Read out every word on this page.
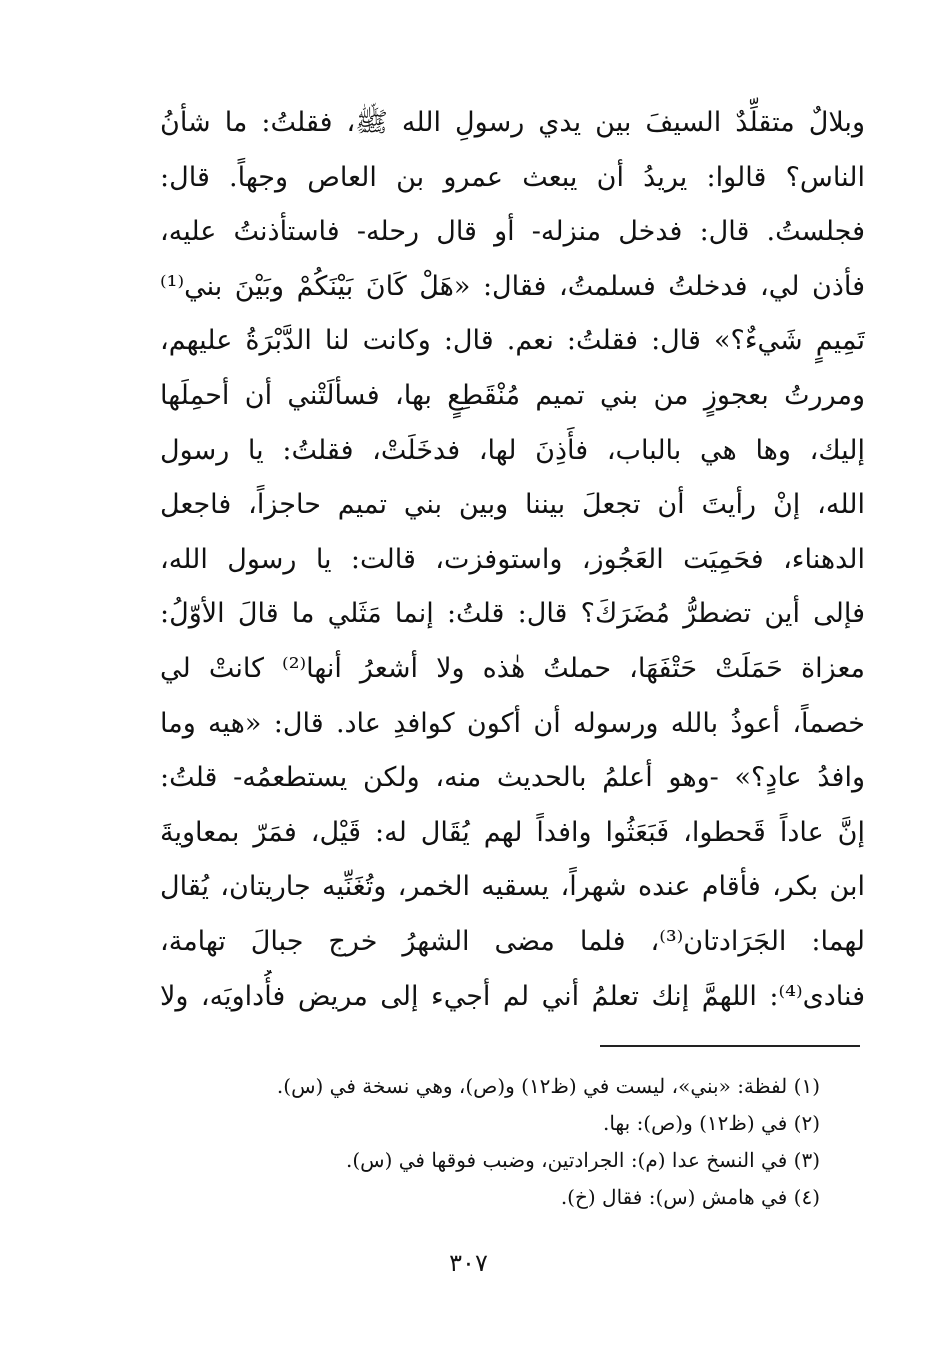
وبلالٌ متقلِّدٌ السيفَ بين يدي رسولِ الله ﷺ، فقلتُ: ما شأنُ
الناس؟ قالوا: يريدُ أن يبعث عمرو بن العاص وجهاً. قال:
فجلستُ. قال: فدخل منزله- أو قال رحله- فاستأذنتُ عليه،
فأذن لي، فدخلتُ فسلمتُ، فقال: «هَلْ كَانَ بَيْنَكُمْ وبَيْنَ بني⁽¹⁾
تَمِيمٍ شَيءٌ؟» قال: فقلتُ: نعم. قال: وكانت لنا الدَّبْرَةُ عليهم،
ومررتُ بعجوزٍ من بني تميم مُنْقَطِعٍ بها، فسألَتْني أن أحمِلَها
إليك، وها هي بالباب، فأَذِنَ لها، فدخَلَتْ، فقلتُ: يا رسول
الله، إنْ رأيتَ أن تجعلَ بيننا وبين بني تميم حاجزاً، فاجعل
الدهناء، فحَمِيَت العَجُوز، واستوفزت، قالت: يا رسول الله،
فإلى أين تضطرُّ مُضَرَكَ؟ قال: قلتُ: إنما مَثَلي ما قالَ الأوّلُ:
معزاة حَمَلَتْ حَتْفَهَا، حملتُ هٰذه ولا أشعرُ أنها⁽²⁾ كانتْ لي
خصماً، أعوذُ بالله ورسوله أن أكون كوافدِ عاد. قال: «هيه وما
وافدُ عادٍ؟» -وهو أعلمُ بالحديث منه، ولكن يستطعمُه- قلتُ:
إنَّ عاداً قَحطوا، فَبَعَثُوا وافداً لهم يُقَال له: قَيْل، فمَرّ بمعاويةَ
ابن بكر، فأقام عنده شهراً، يسقيه الخمر، وتُغَنِّيه جاريتان، يُقال
لهما: الجَرَادتان⁽³⁾، فلما مضى الشهرُ خرج جبالَ تهامة،
فنادى⁽⁴⁾: اللهمَّ إنك تعلمُ أني لم أجيء إلى مريض فأُداويَه، ولا
(١) لفظة: «بني»، ليست في (ظ١٢) و(ص)، وهي نسخة في (س).
(٢) في (ظ١٢) و(ص): بها.
(٣) في النسخ عدا (م): الجرادتين، وضبب فوقها في (س).
(٤) في هامش (س): فقال (خ).
٣٠٧
